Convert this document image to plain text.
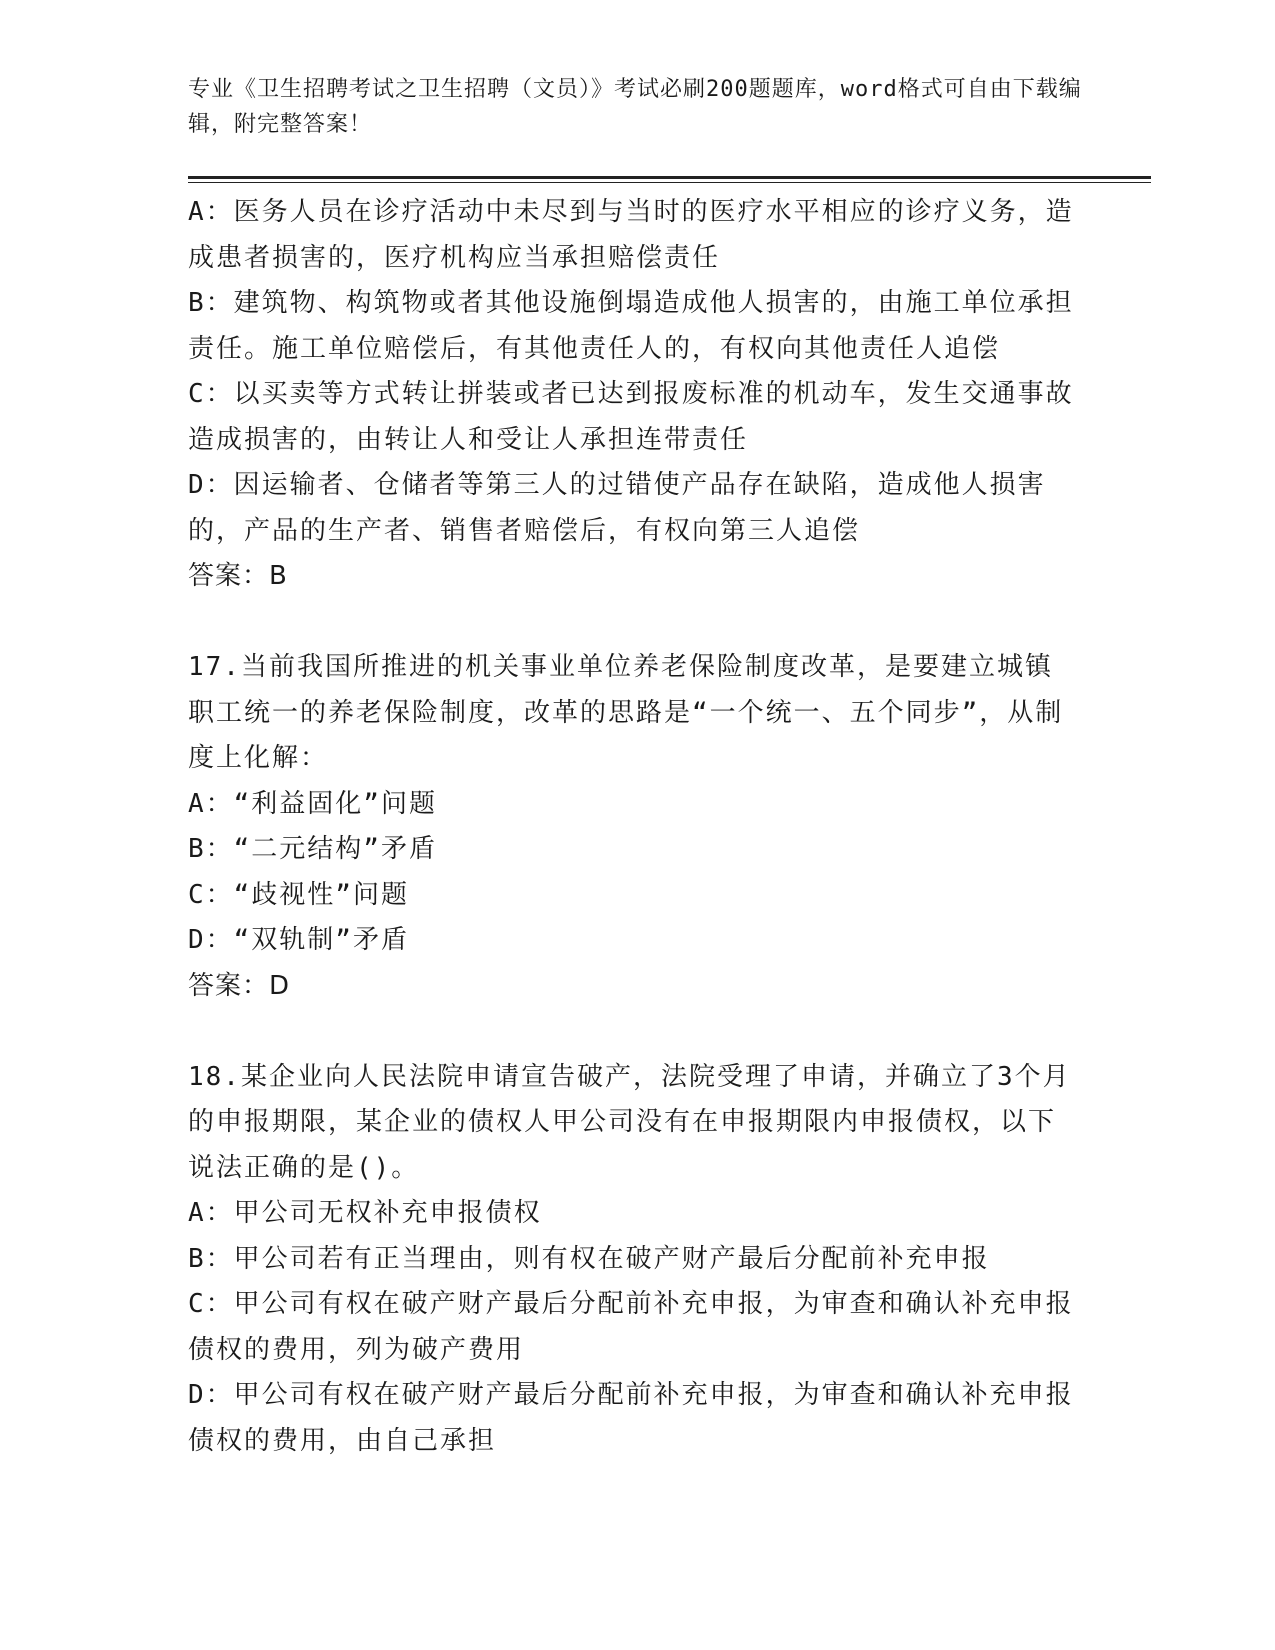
专业《卫生招聘考试之卫生招聘（文员）》考试必刷200题题库，word格式可自由下载编辑，附完整答案！

A：医务人员在诊疗活动中未尽到与当时的医疗水平相应的诊疗义务，造成患者损害的，医疗机构应当承担赔偿责任

B：建筑物、构筑物或者其他设施倒塌造成他人损害的，由施工单位承担责任。施工单位赔偿后，有其他责任人的，有权向其他责任人追偿

C：以买卖等方式转让拼装或者已达到报废标准的机动车，发生交通事故造成损害的，由转让人和受让人承担连带责任

D：因运输者、仓储者等第三人的过错使产品存在缺陷，造成他人损害的，产品的生产者、销售者赔偿后，有权向第三人追偿

答案：B

17.当前我国所推进的机关事业单位养老保险制度改革，是要建立城镇职工统一的养老保险制度，改革的思路是“一个统一、五个同步”，从制度上化解：

A：“利益固化”问题

B：“二元结构”矛盾

C：“歧视性”问题

D：“双轨制”矛盾

答案：D

18.某企业向人民法院申请宣告破产，法院受理了申请，并确立了3个月的申报期限，某企业的债权人甲公司没有在申报期限内申报债权，以下说法正确的是()。

A：甲公司无权补充申报债权

B：甲公司若有正当理由，则有权在破产财产最后分配前补充申报

C：甲公司有权在破产财产最后分配前补充申报，为审查和确认补充申报债权的费用，列为破产费用

D：甲公司有权在破产财产最后分配前补充申报，为审查和确认补充申报债权的费用，由自己承担
